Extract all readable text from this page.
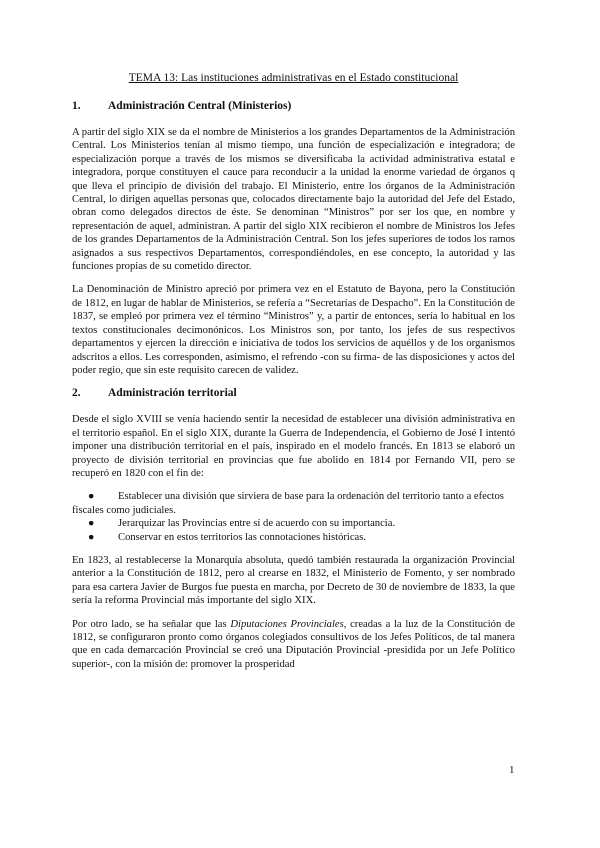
TEMA 13: Las instituciones administrativas en el Estado constitucional
1.	Administración Central (Ministerios)

A partir del siglo XIX se da el nombre de Ministerios a los grandes Departamentos de la Administración Central. Los Ministerios tenían al mismo tiempo, una función de especialización e integradora; de especialización porque a través de los mismos se diversificaba la actividad administrativa estatal e integradora, porque constituyen el cauce para reconducir a la unidad la enorme variedad de órganos q que lleva el principio de división del trabajo. El Ministerio, entre los órganos de la Administración Central, lo dirigen aquellas personas que, colocados directamente bajo la autoridad del Jefe del Estado, obran como delegados directos de éste. Se denominan “Ministros” por ser los que, en nombre y representación de aquel, administran. A partir del siglo XIX recibieron el nombre de Ministros los Jefes de los grandes Departamentos de la Administración Central. Son los jefes superiores de todos los ramos asignados a sus respectivos Departamentos, correspondiéndoles, en ese concepto, la autoridad y las funciones propias de su cometido director.

La Denominación de Ministro apreció por primera vez en el Estatuto de Bayona, pero la Constitución de 1812, en lugar de hablar de Ministerios, se refería a “Secretarías de Despacho”. En la Constitución de 1837, se empleó por primera vez el término “Ministros” y, a partir de entonces, sería lo habitual en los textos constitucionales decimonónicos. Los Ministros son, por tanto, los jefes de sus respectivos departamentos y ejercen la dirección e iniciativa de todos los servicios de aquéllos y de los organismos adscritos a ellos. Les corresponden, asimismo, el refrendo -con su firma- de las disposiciones y actos del poder regio, que sin este requisito carecen de validez.

2.	Administración territorial

Desde el siglo XVIII se venía haciendo sentir la necesidad de establecer una división administrativa en el territorio español. En el siglo XIX, durante la Guerra de Independencia, el Gobierno de José I intentó imponer una distribución territorial en el país, inspirado en el modelo francés. En 1813 se elaboró un proyecto de división territorial en provincias que fue abolido en 1814 por Fernando VII, pero se recuperó en 1820 con el fin de:

● Establecer una división que sirviera de base para la ordenación del territorio tanto a efectos fiscales como judiciales.
● Jerarquizar las Provincias entre sí de acuerdo con su importancia.
● Conservar en estos territorios las connotaciones históricas.

En 1823, al restablecerse la Monarquía absoluta, quedó también restaurada la organización Provincial anterior a la Constitución de 1812, pero al crearse en 1832, el Ministerio de Fomento, y ser nombrado para esa cartera Javier de Burgos fue puesta en marcha, por Decreto de 30 de noviembre de 1833, la que sería la reforma Provincial más importante del siglo XIX.

Por otro lado, se ha señalar que las Diputaciones Provinciales, creadas a la luz de la Constitución de 1812, se configuraron pronto como órganos colegiados consultivos de los Jefes Políticos, de tal manera que en cada demarcación Provincial se creó una Diputación Provincial -presidida por un Jefe Político superior-, con la misión de: promover la prosperidad

1
